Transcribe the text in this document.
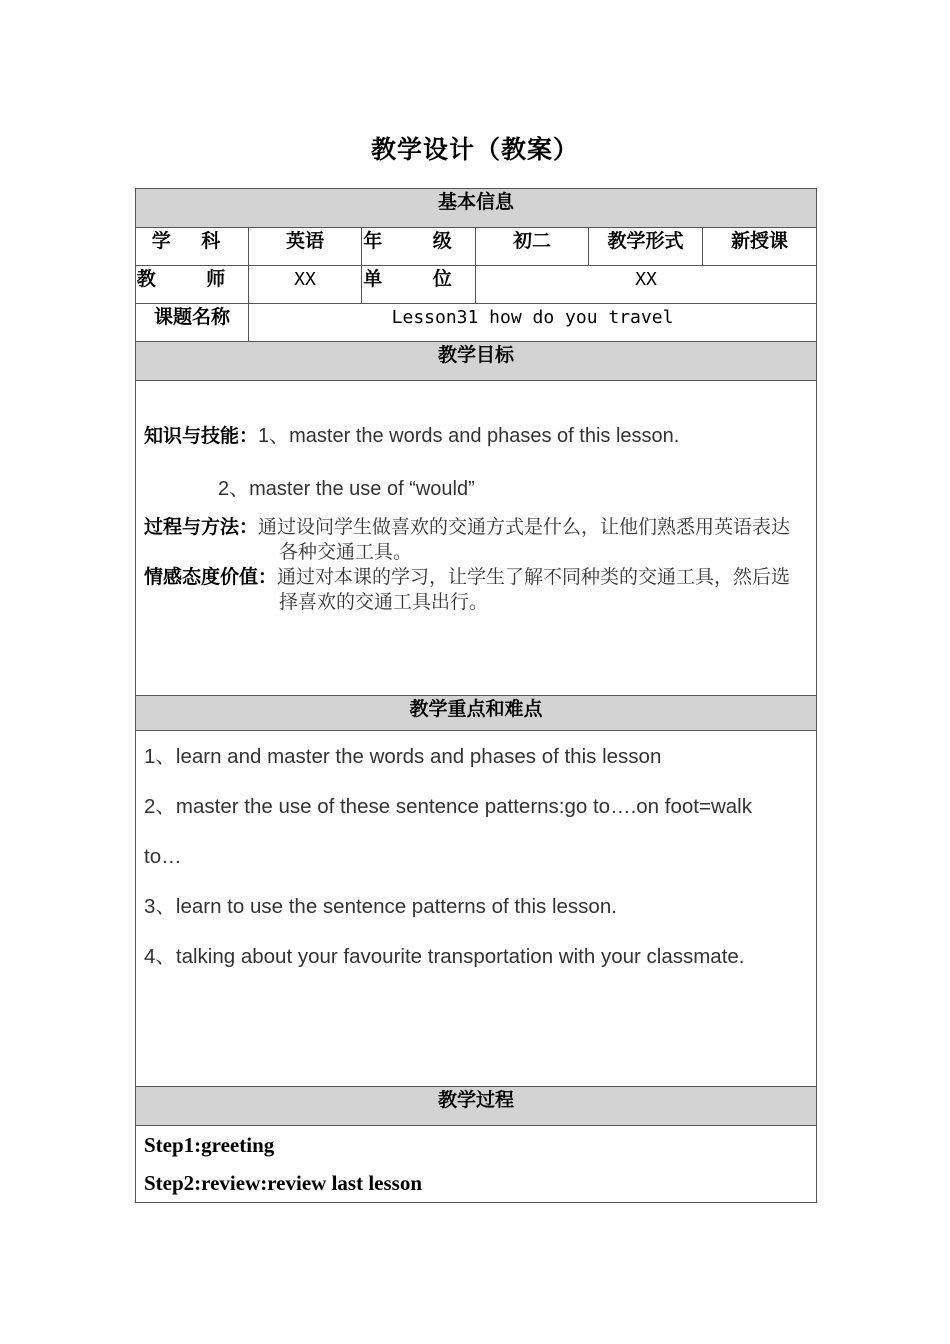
教学设计（教案）
基本信息					
学 科	英语	年 级	初二	教学形式	新授课
教 师	XX	单 位	XX		
课题名称	Lesson31 how do you travel				
教学目标					

知识与技能：1、master the words and phases of this lesson.
2、master the use of “would”
过程与方法：通过设问学生做喜欢的交通方式是什么，让他们熟悉用英语表达各种交通工具。
情感态度价值：通过对本课的学习，让学生了解不同种类的交通工具，然后选择喜欢的交通工具出行。					

教学重点和难点					

1、learn and master the words and phases of this lesson
2、master the use of these sentence patterns:go to….on foot=walk
to…
3、learn to use the sentence patterns of this lesson.
4、talking about your favourite transportation with your classmate.					

教学过程					

Step1:greeting
Step2:review:review last lesson					
